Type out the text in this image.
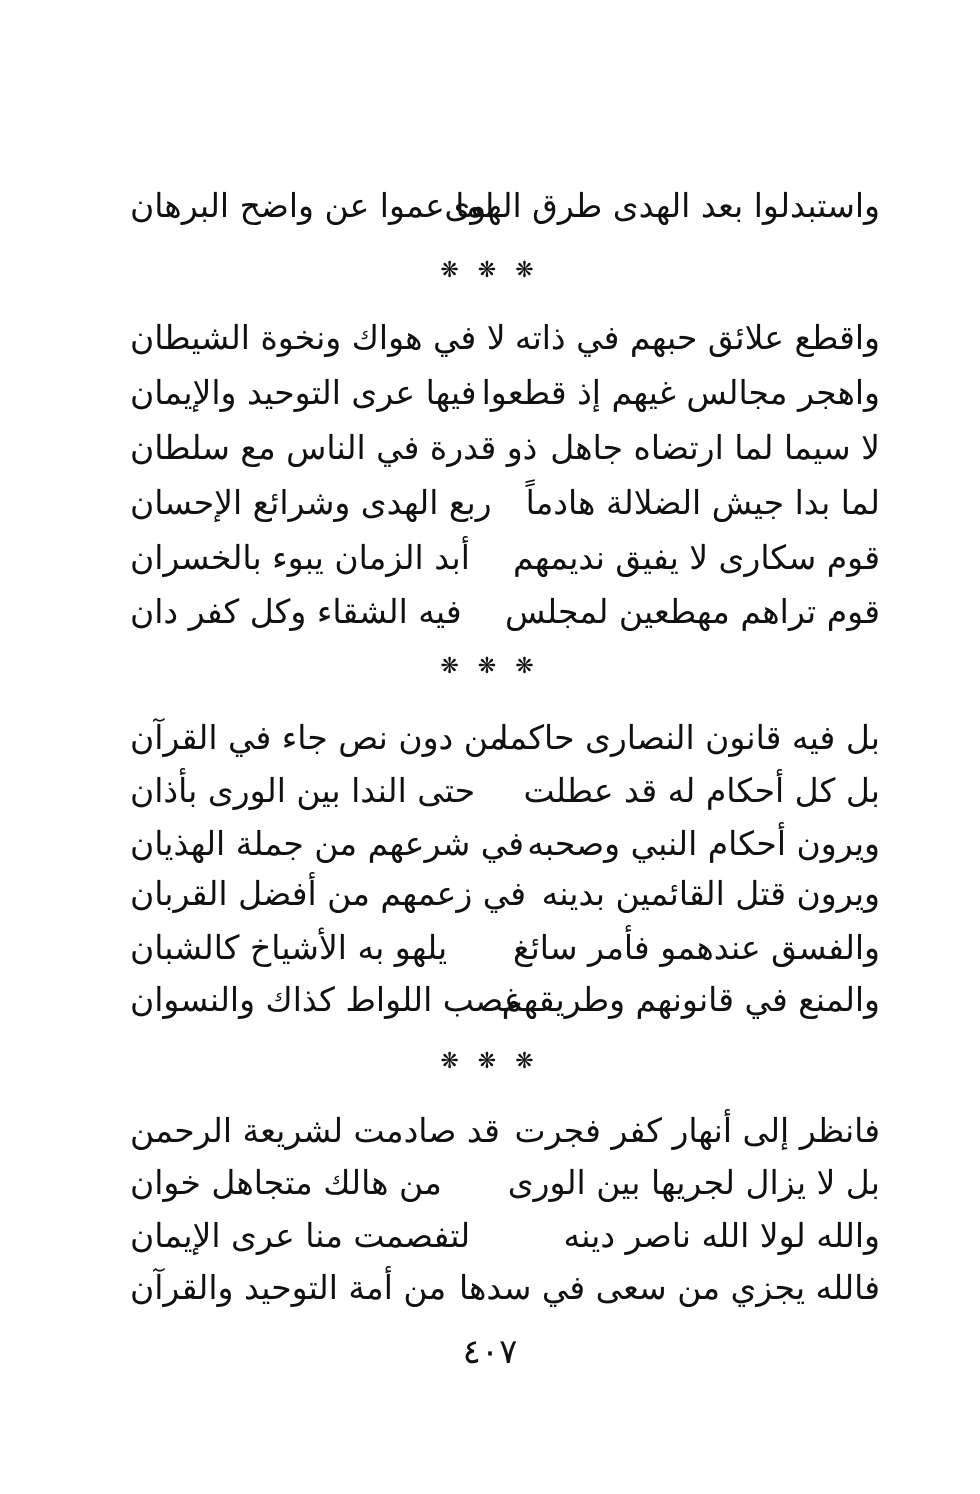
واستبدلوا بعد الهدى طرق الهوى
لما عموا عن واضح البرهان
❋ ❋ ❋
واقطع علائق حبهم في ذاته
لا في هواك ونخوة الشيطان
واهجر مجالس غيهم إذ قطعوا
فيها عرى التوحيد والإيمان
لا سيما لما ارتضاه جاهل
ذو قدرة في الناس مع سلطان
لما بدا جيش الضلالة هادماً
ربع الهدى وشرائع الإحسان
قوم سكارى لا يفيق نديمهم
أبد الزمان يبوء بالخسران
قوم تراهم مهطعين لمجلس
فيه الشقاء وكل كفر دان
❋ ❋ ❋
بل فيه قانون النصارى حاكما
من دون نص جاء في القرآن
بل كل أحكام له قد عطلت
حتى الندا بين الورى بأذان
ويرون أحكام النبي وصحبه
في شرعهم من جملة الهذيان
ويرون قتل القائمين بدينه
في زعمهم من أفضل القربان
والفسق عندهمو فأمر سائغ
يلهو به الأشياخ كالشبان
والمنع في قانونهم وطريقهم
غصب اللواط كذاك والنسوان
❋ ❋ ❋
فانظر إلى أنهار كفر فجرت
قد صادمت لشريعة الرحمن
بل لا يزال لجريها بين الورى
من هالك متجاهل خوان
والله لولا الله ناصر دينه
لتفصمت منا عرى الإيمان
فالله يجزي من سعى في سدها
من أمة التوحيد والقرآن
٤٠٧
